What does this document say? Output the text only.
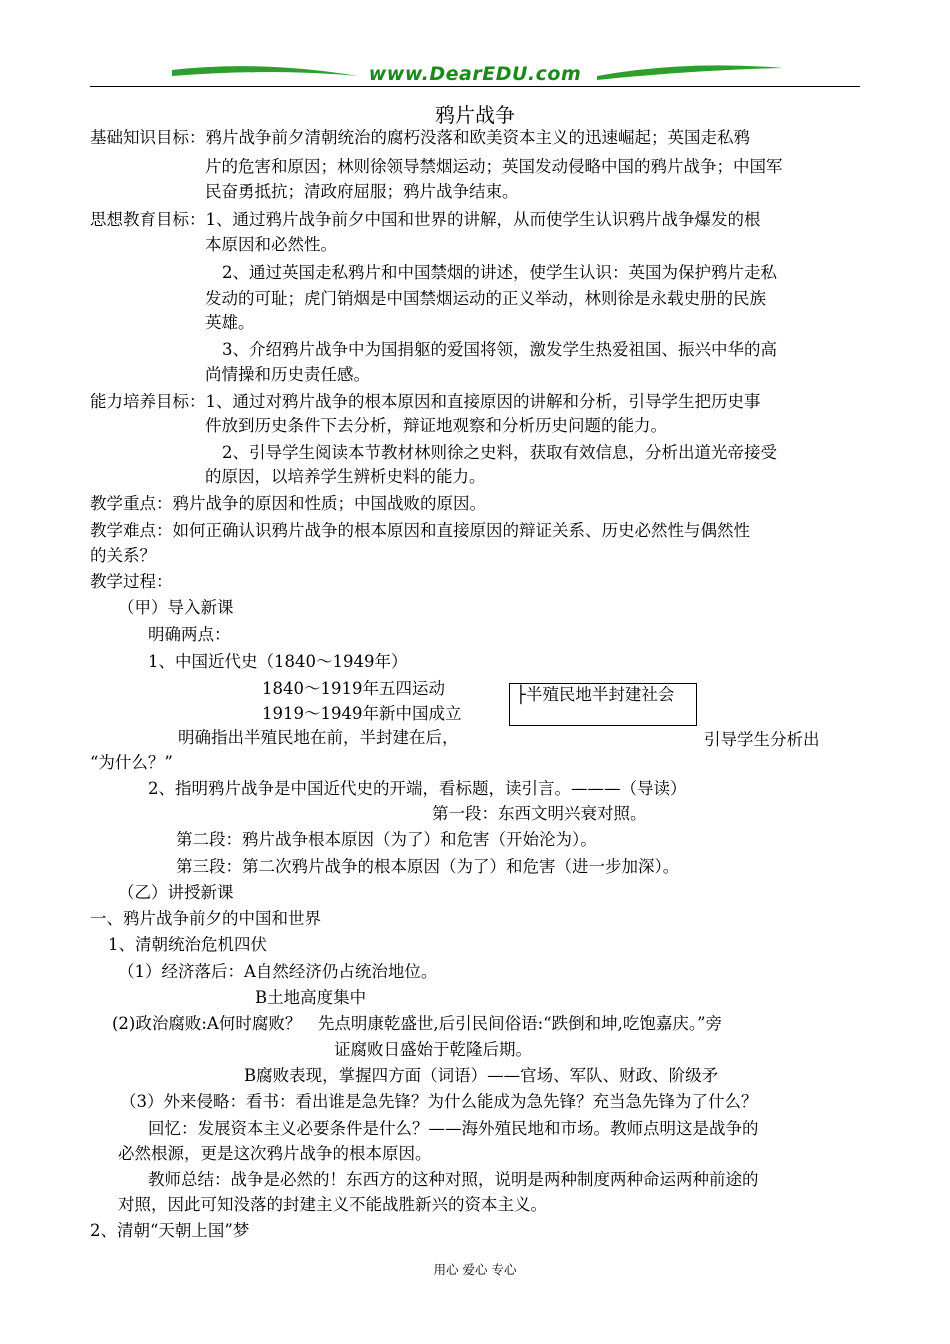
www.DearEDU.com
鸦片战争
基础知识目标：鸦片战争前夕清朝统治的腐朽没落和欧美资本主义的迅速崛起；英国走私鸦
片的危害和原因；林则徐领导禁烟运动；英国发动侵略中国的鸦片战争；中国军
民奋勇抵抗；清政府屈服；鸦片战争结束。
思想教育目标：1、通过鸦片战争前夕中国和世界的讲解，从而使学生认识鸦片战争爆发的根
本原因和必然性。
2、通过英国走私鸦片和中国禁烟的讲述，使学生认识：英国为保护鸦片走私
发动的可耻；虎门销烟是中国禁烟运动的正义举动，林则徐是永载史册的民族
英雄。
3、介绍鸦片战争中为国捐躯的爱国将领，激发学生热爱祖国、振兴中华的高
尚情操和历史责任感。
能力培养目标：1、通过对鸦片战争的根本原因和直接原因的讲解和分析，引导学生把历史事
件放到历史条件下去分析，辩证地观察和分析历史问题的能力。
2、引导学生阅读本节教材林则徐之史料，获取有效信息，分析出道光帝接受
的原因，以培养学生辨析史料的能力。
教学重点：鸦片战争的原因和性质；中国战败的原因。
教学难点：如何正确认识鸦片战争的根本原因和直接原因的辩证关系、历史必然性与偶然性
的关系？
教学过程：
（甲）导入新课
明确两点：
1、中国近代史（1840～1949年）
1840～1919年五四运动
1919～1949年新中国成立
明确指出半殖民地在前，半封建在后，	引导学生分析出
“为什么？”
├半殖民地半封建社会
2、指明鸦片战争是中国近代史的开端，看标题，读引言。———（导读）
第一段：东西文明兴衰对照。
第二段：鸦片战争根本原因（为了）和危害（开始沦为）。
第三段：第二次鸦片战争的根本原因（为了）和危害（进一步加深）。
（乙）讲授新课
一、鸦片战争前夕的中国和世界
1、清朝统治危机四伏
（1）经济落后：A自然经济仍占统治地位。
B土地高度集中
(2)政治腐败:A何时腐败？　先点明康乾盛世,后引民间俗语:“跌倒和坤,吃饱嘉庆。”旁
证腐败日盛始于乾隆后期。
B腐败表现，掌握四方面（词语）——官场、军队、财政、阶级矛
（3）外来侵略：看书：看出谁是急先锋？为什么能成为急先锋？充当急先锋为了什么？
回忆：发展资本主义必要条件是什么？——海外殖民地和市场。教师点明这是战争的
必然根源，更是这次鸦片战争的根本原因。
教师总结：战争是必然的！东西方的这种对照，说明是两种制度两种命运两种前途的
对照，因此可知没落的封建主义不能战胜新兴的资本主义。
2、清朝“天朝上国”梦
用心 爱心 专心
